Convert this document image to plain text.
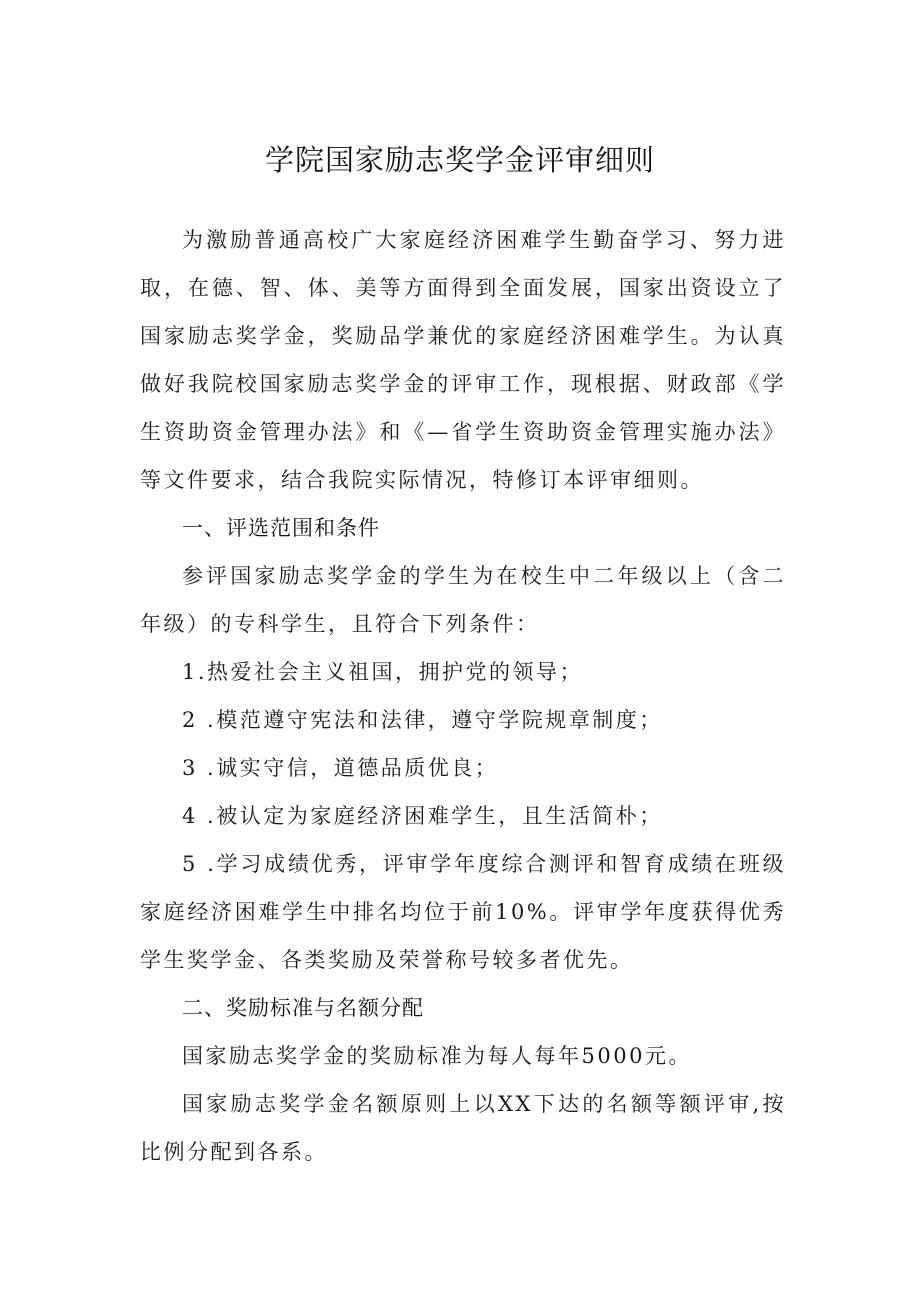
学院国家励志奖学金评审细则

为激励普通高校广大家庭经济困难学生勤奋学习、努力进取，在德、智、体、美等方面得到全面发展，国家出资设立了国家励志奖学金，奖励品学兼优的家庭经济困难学生。为认真做好我院校国家励志奖学金的评审工作，现根据、财政部《学生资助资金管理办法》和《—省学生资助资金管理实施办法》等文件要求，结合我院实际情况，特修订本评审细则。

一、评选范围和条件

参评国家励志奖学金的学生为在校生中二年级以上（含二年级）的专科学生，且符合下列条件：

1.热爱社会主义祖国，拥护党的领导；

2 .模范遵守宪法和法律，遵守学院规章制度；

3 .诚实守信，道德品质优良；

4 .被认定为家庭经济困难学生，且生活简朴；

5 .学习成绩优秀，评审学年度综合测评和智育成绩在班级家庭经济困难学生中排名均位于前10%。评审学年度获得优秀学生奖学金、各类奖励及荣誉称号较多者优先。

二、奖励标准与名额分配

国家励志奖学金的奖励标准为每人每年5000元。

国家励志奖学金名额原则上以XX下达的名额等额评审,按比例分配到各系。
